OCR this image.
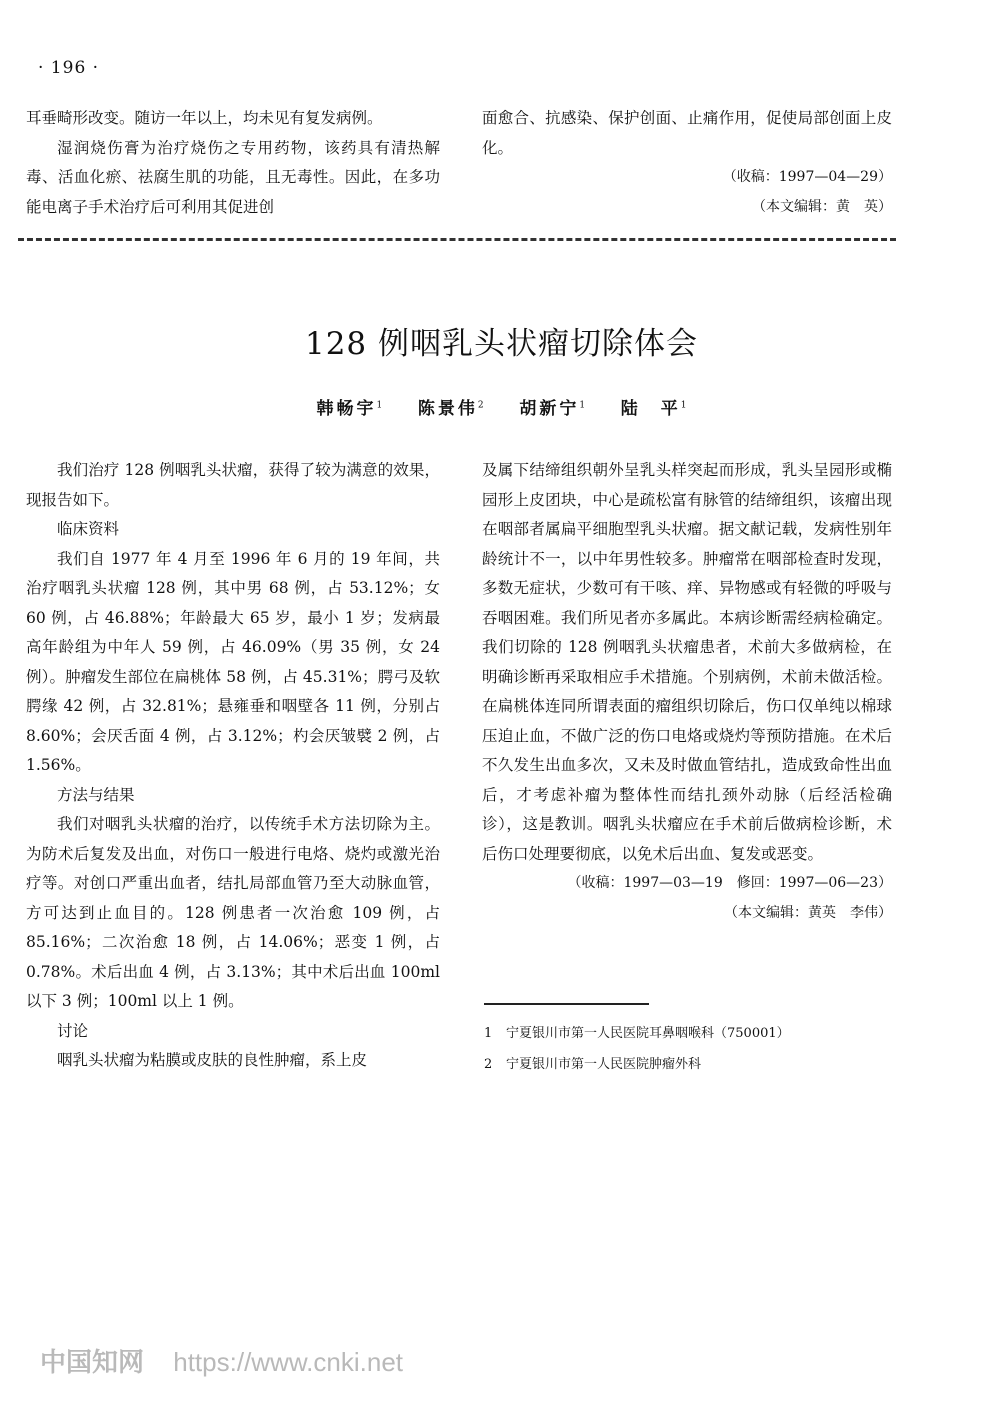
· 196 ·

耳垂畸形改变。随访一年以上，均未见有复发病例。

湿润烧伤膏为治疗烧伤之专用药物，该药具有清热解毒、活血化瘀、祛腐生肌的功能，且无毒性。因此，在多功能电离子手术治疗后可利用其促进创

面愈合、抗感染、保护创面、止痛作用，促使局部创面上皮化。

（收稿：1997—04—29）

（本文编辑：黄　英）

128 例咽乳头状瘤切除体会
韩畅宇$^1$ 陈景伟$^2$ 胡新宁$^1$ 陆　平$^1$

我们治疗 128 例咽乳头状瘤，获得了较为满意的效果，现报告如下。

临床资料

我们自 1977 年 4 月至 1996 年 6 月的 19 年间，共治疗咽乳头状瘤 128 例，其中男 68 例，占 53.12%；女 60 例，占 46.88%；年龄最大 65 岁，最小 1 岁；发病最高年龄组为中年人 59 例，占 46.09%（男 35 例，女 24 例）。肿瘤发生部位在扁桃体 58 例，占 45.31%；腭弓及软腭缘 42 例，占 32.81%；悬雍垂和咽壁各 11 例，分别占 8.60%；会厌舌面 4 例，占 3.12%；杓会厌皱襞 2 例，占 1.56%。

方法与结果

我们对咽乳头状瘤的治疗，以传统手术方法切除为主。为防术后复发及出血，对伤口一般进行电烙、烧灼或激光治疗等。对创口严重出血者，结扎局部血管乃至大动脉血管，方可达到止血目的。128 例患者一次治愈 109 例，占 85.16%；二次治愈 18 例，占 14.06%；恶变 1 例，占 0.78%。术后出血 4 例，占 3.13%；其中术后出血 100ml 以下 3 例；100ml 以上 1 例。

讨论

咽乳头状瘤为粘膜或皮肤的良性肿瘤，系上皮

及属下结缔组织朝外呈乳头样突起而形成，乳头呈园形或椭园形上皮团块，中心是疏松富有脉管的结缔组织，该瘤出现在咽部者属扁平细胞型乳头状瘤。据文献记载，发病性别年龄统计不一，以中年男性较多。肿瘤常在咽部检查时发现，多数无症状，少数可有干咳、痒、异物感或有轻微的呼吸与吞咽困难。我们所见者亦多属此。本病诊断需经病检确定。我们切除的 128 例咽乳头状瘤患者，术前大多做病检，在明确诊断再采取相应手术措施。个别病例，术前未做活检。在扁桃体连同所谓表面的瘤组织切除后，伤口仅单纯以棉球压迫止血，不做广泛的伤口电烙或烧灼等预防措施。在术后不久发生出血多次，又未及时做血管结扎，造成致命性出血后，才考虑补瘤为整体性而结扎颈外动脉（后经活检确诊），这是教训。咽乳头状瘤应在手术前后做病检诊断，术后伤口处理要彻底，以免术后出血、复发或恶变。

（收稿：1997—03—19　修回：1997—06—23）

（本文编辑：黄英　李伟）

1 宁夏银川市第一人民医院耳鼻咽喉科（750001）

2 宁夏银川市第一人民医院肿瘤外科

中国知网 https://www.cnki.net
